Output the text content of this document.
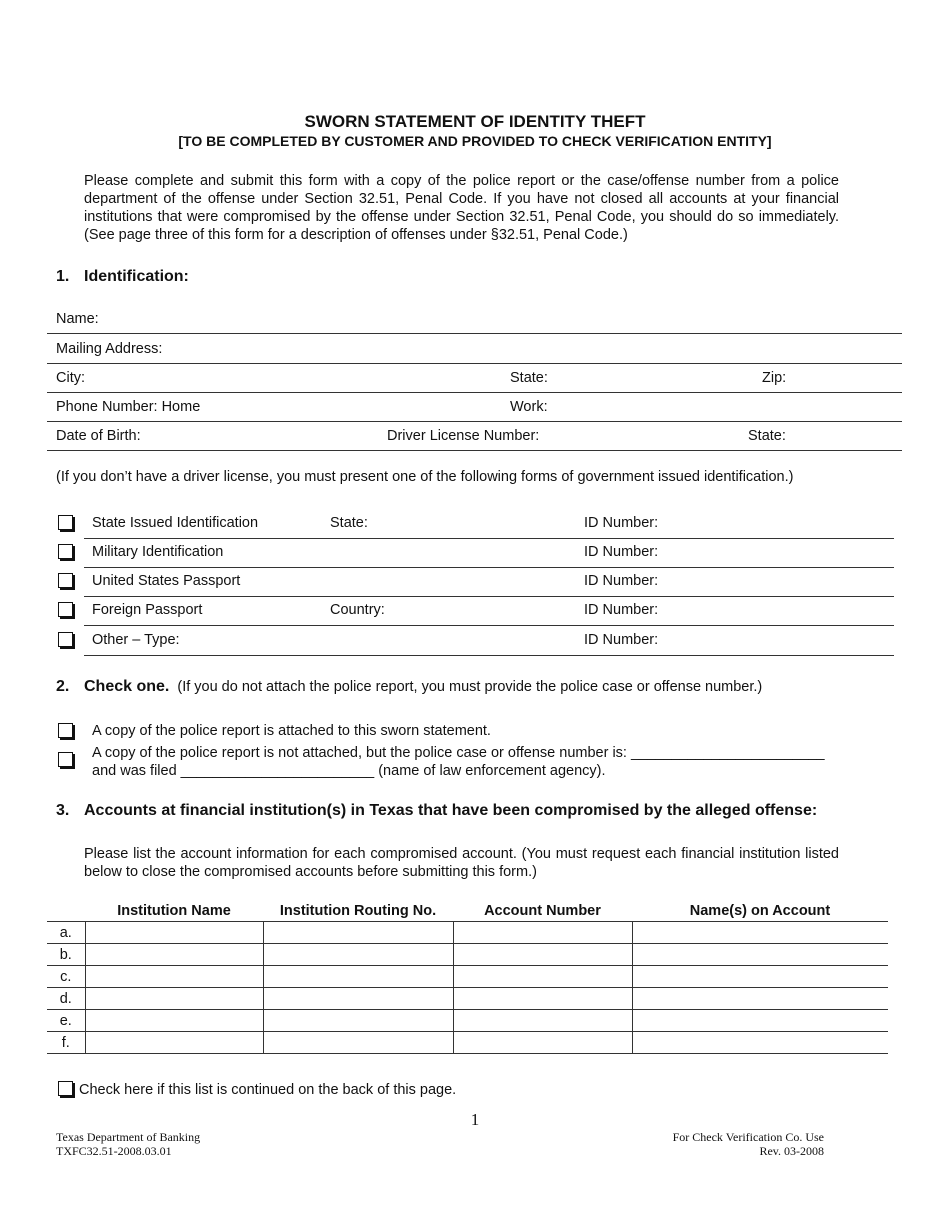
SWORN STATEMENT OF IDENTITY THEFT
[TO BE COMPLETED BY CUSTOMER AND PROVIDED TO CHECK VERIFICATION ENTITY]
Please complete and submit this form with a copy of the police report or the case/offense number from a police department of the offense under Section 32.51, Penal Code. If you have not closed all accounts at your financial institutions that were compromised by the offense under Section 32.51, Penal Code, you should do so immediately. (See page three of this form for a description of offenses under §32.51, Penal Code.)
1. Identification:
Name:
Mailing Address:
City:	State:	Zip:
Phone Number: Home	Work:
Date of Birth:	Driver License Number:	State:
(If you don’t have a driver license, you must present one of the following forms of government issued identification.)
State Issued Identification	State:	ID Number:
Military Identification	ID Number:
United States Passport	ID Number:
Foreign Passport	Country:	ID Number:
Other – Type:	ID Number:
2. Check one. (If you do not attach the police report, you must provide the police case or offense number.)
A copy of the police report is attached to this sworn statement.
A copy of the police report is not attached, but the police case or offense number is: ________________________
and was filed ________________________ (name of law enforcement agency).
3. Accounts at financial institution(s) in Texas that have been compromised by the alleged offense:
Please list the account information for each compromised account. (You must request each financial institution listed below to close the compromised accounts before submitting this form.)
	Institution Name	Institution Routing No.	Account Number	Name(s) on Account
a.				
b.				
c.				
d.				
e.				
f.				
Check here if this list is continued on the back of this page.
1
Texas Department of Banking
TXFC32.51-2008.03.01
For Check Verification Co. Use
Rev. 03-2008
